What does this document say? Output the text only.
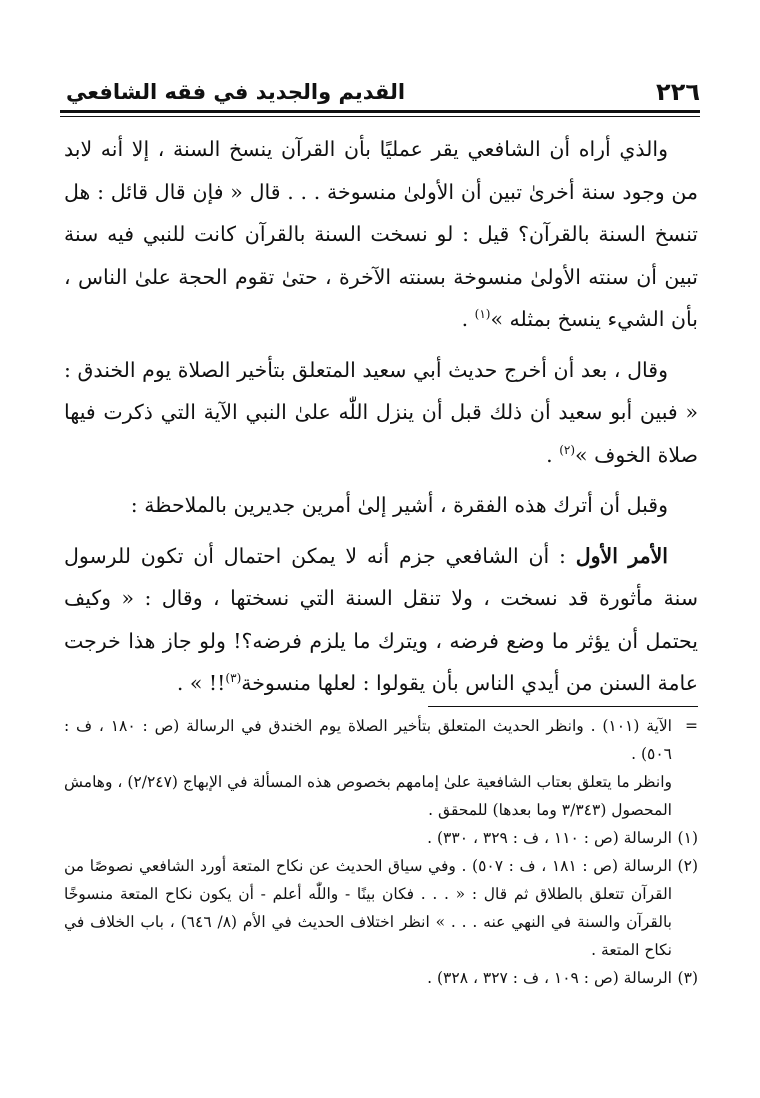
٢٢٦
القديم والجديد في فقه الشافعي

والذي أراه أن الشافعي يقر عمليًا بأن القرآن ينسخ السنة ، إلا أنه لابد من وجود سنة أخرىٰ تبين أن الأولىٰ منسوخة . . . قال « فإن قال قائل : هل تنسخ السنة بالقرآن؟ قيل : لو نسخت السنة بالقرآن كانت للنبي فيه سنة تبين أن سنته الأولىٰ منسوخة بسنته الآخرة ، حتىٰ تقوم الحجة علىٰ الناس ، بأن الشيء ينسخ بمثله »$^{(١)}$ .

وقال ، بعد أن أخرج حديث أبي سعيد المتعلق بتأخير الصلاة يوم الخندق : « فبين أبو سعيد أن ذلك قبل أن ينزل اللّٰه علىٰ النبي الآية التي ذكرت فيها صلاة الخوف »$^{(٢)}$ .

وقبل أن أترك هذه الفقرة ، أشير إلىٰ أمرين جديرين بالملاحظة :

الأمر الأول : أن الشافعي جزم أنه لا يمكن احتمال أن تكون للرسول سنة مأثورة قد نسخت ، ولا تنقل السنة التي نسختها ، وقال : « وكيف يحتمل أن يؤثر ما وضع فرضه ، ويترك ما يلزم فرضه؟! ولو جاز هذا خرجت عامة السنن من أيدي الناس بأن يقولوا : لعلها منسوخة$^{(٣)}$!! » .

=
الآية (١٠١) . وانظر الحديث المتعلق بتأخير الصلاة يوم الخندق في الرسالة (ص : ١٨٠ ، ف : ٥٠٦) .

وانظر ما يتعلق بعتاب الشافعية علىٰ إمامهم بخصوص هذه المسألة في الإبهاج (٢/٢٤٧) ، وهامش المحصول (٣/٣٤٣ وما بعدها) للمحقق .

(١)
الرسالة (ص : ١١٠ ، ف : ٣٢٩ ، ٣٣٠) .

(٢)
الرسالة (ص : ١٨١ ، ف : ٥٠٧) . وفي سياق الحديث عن نكاح المتعة أورد الشافعي نصوصًا من القرآن تتعلق بالطلاق ثم قال : « . . . فكان بينًا - واللّٰه أعلم - أن يكون نكاح المتعة منسوخًا بالقرآن والسنة في النهي عنه . . . » انظر اختلاف الحديث في الأم (٨/ ٦٤٦) ، باب الخلاف في نكاح المتعة .

(٣)
الرسالة (ص : ١٠٩ ، ف : ٣٢٧ ، ٣٢٨) .
